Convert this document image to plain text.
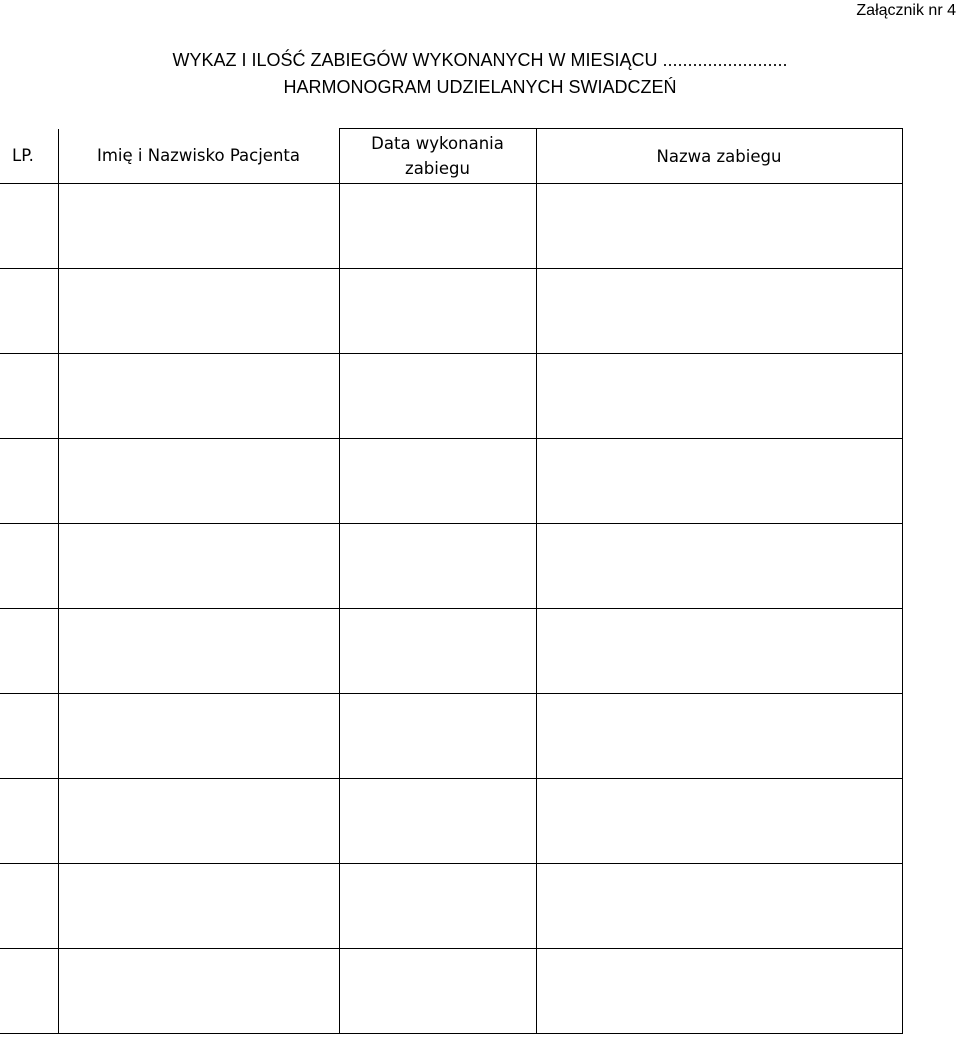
Załącznik nr 4
WYKAZ I ILOŚĆ ZABIEGÓW WYKONANYCH W MIESIĄCU .........................
HARMONOGRAM UDZIELANYCH SWIADCZEŃ
LP.	Imię i Nazwisko Pacjenta	Data wykonania zabiegu	Nazwa zabiegu
